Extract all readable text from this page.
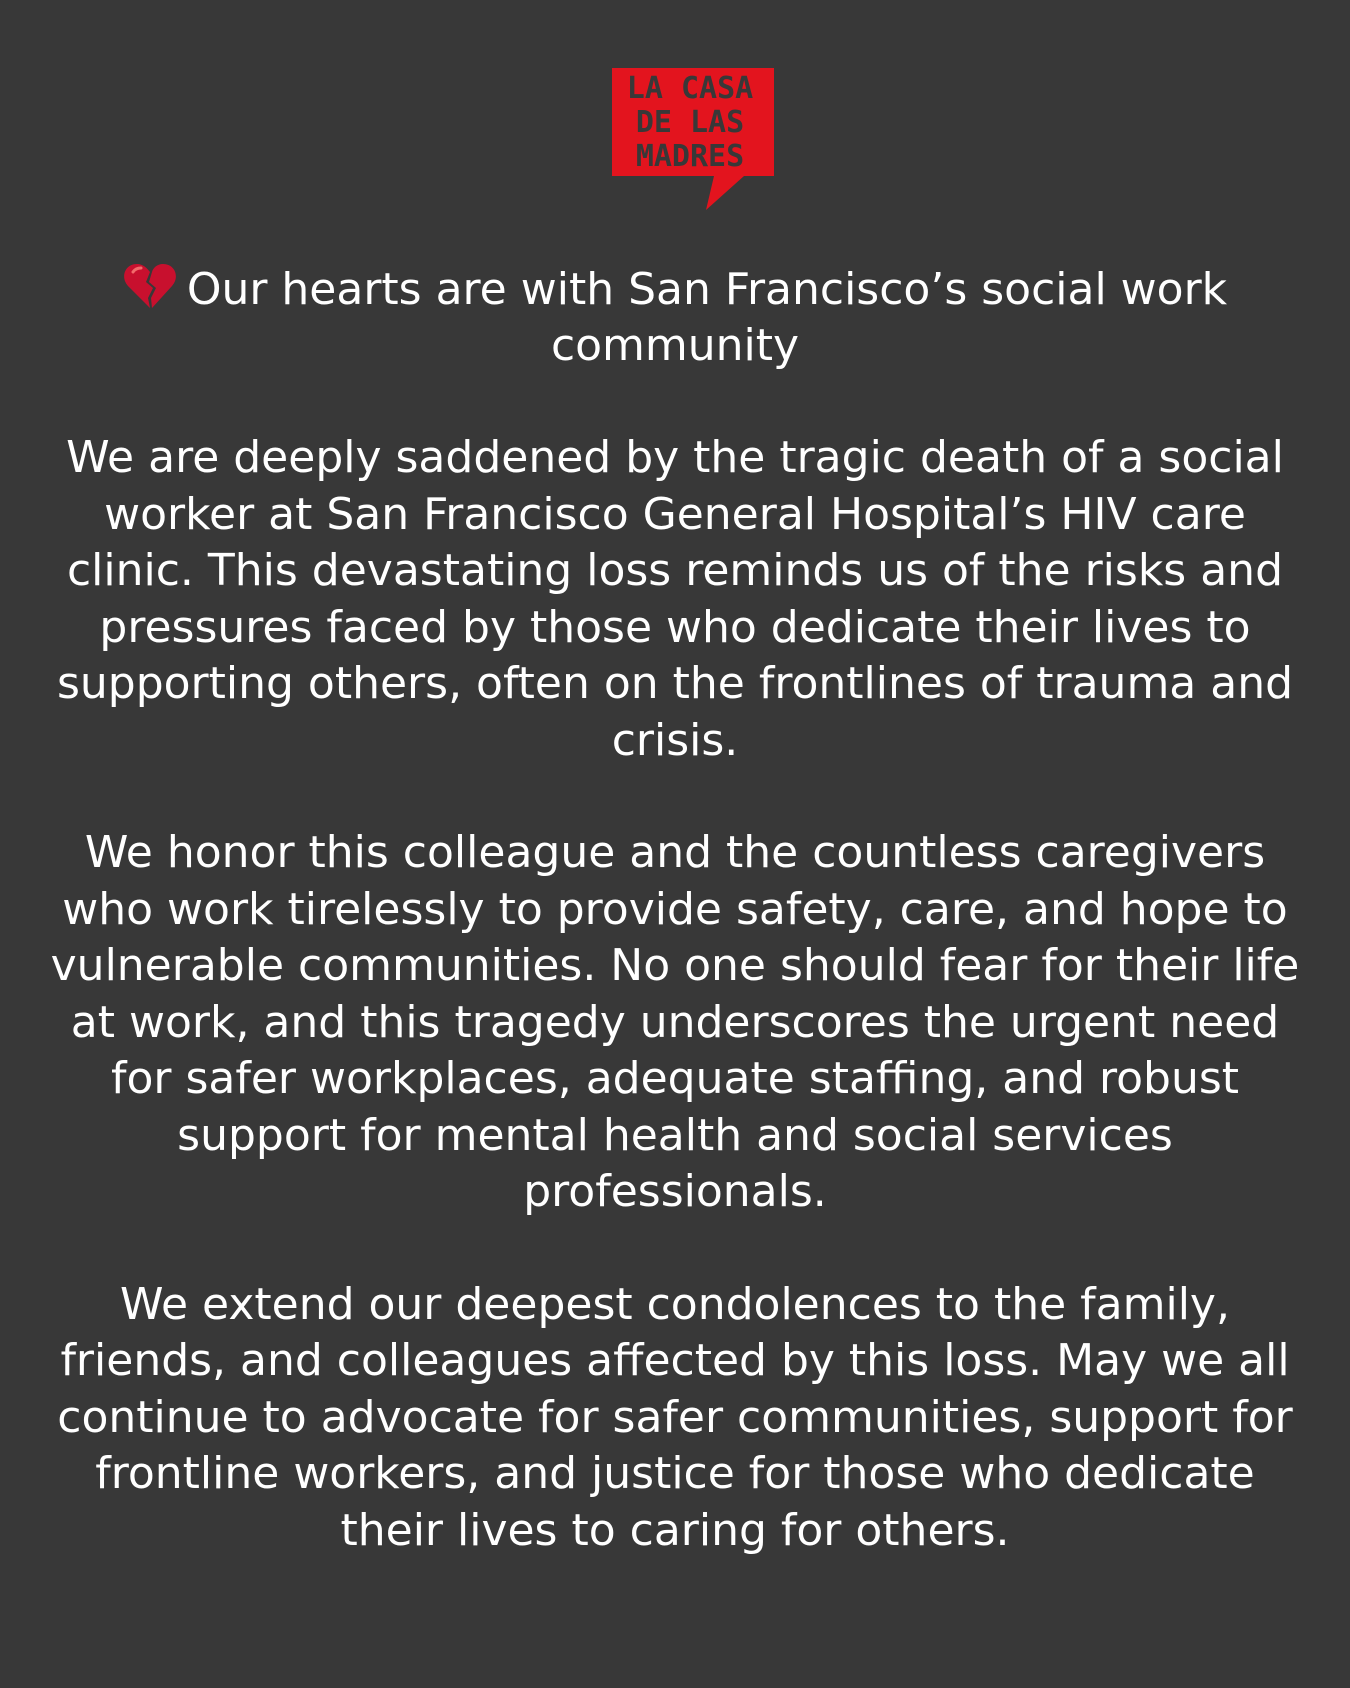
LA CASA
DE LAS
MADRES
Our hearts are with San Francisco’s social work community

We are deeply saddened by the tragic death of a social worker at San Francisco General Hospital’s HIV care clinic. This devastating loss reminds us of the risks and pressures faced by those who dedicate their lives to supporting others, often on the frontlines of trauma and crisis.

We honor this colleague and the countless caregivers who work tirelessly to provide safety, care, and hope to vulnerable communities. No one should fear for their life at work, and this tragedy underscores the urgent need for safer workplaces, adequate staffing, and robust support for mental health and social services professionals.

We extend our deepest condolences to the family, friends, and colleagues affected by this loss. May we all continue to advocate for safer communities, support for frontline workers, and justice for those who dedicate their lives to caring for others.
